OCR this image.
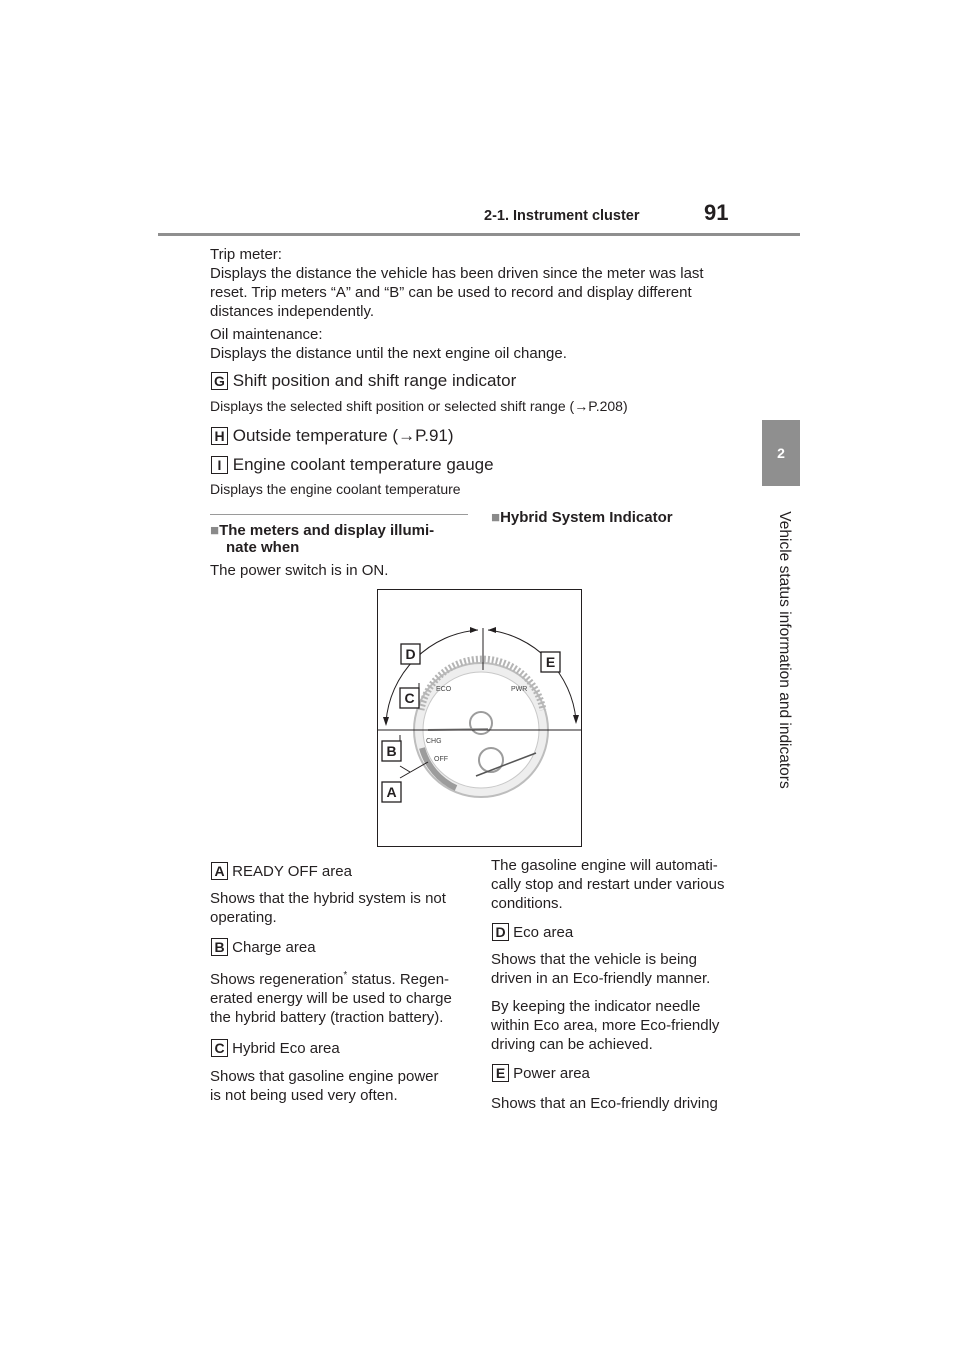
2-1. Instrument cluster	91
2
Vehicle status information and indicators
Trip meter:
Displays the distance the vehicle has been driven since the meter was last
reset. Trip meters “A” and “B” can be used to record and display different
distances independently.
Oil maintenance:
Displays the distance until the next engine oil change.
G Shift position and shift range indicator
Displays the selected shift position or selected shift range (→P.208)
H Outside temperature (→P.91)
I Engine coolant temperature gauge
Displays the engine coolant temperature
■The meters and display illumi-
nate when
The power switch is in ON.
■Hybrid System Indicator
ECO	PWR
CHG
OFF
D	E
C
B
A
A READY OFF area
Shows that the hybrid system is not
operating.
B Charge area
Shows regeneration* status. Regen-
erated energy will be used to charge
the hybrid battery (traction battery).
C Hybrid Eco area
Shows that gasoline engine power
is not being used very often.
The gasoline engine will automati-
cally stop and restart under various
conditions.
D Eco area
Shows that the vehicle is being
driven in an Eco-friendly manner.
By keeping the indicator needle
within Eco area, more Eco-friendly
driving can be achieved.
E Power area
Shows that an Eco-friendly driving
